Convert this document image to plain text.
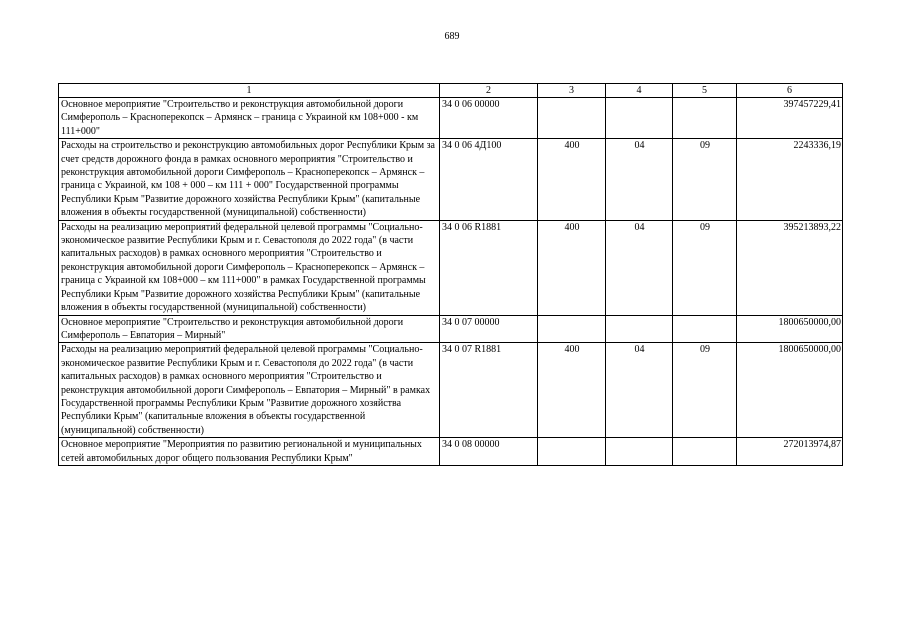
689
1	2	3	4	5	6
Основное мероприятие "Строительство и реконструкция автомобильной дороги Симферополь – Красноперекопск – Армянск – граница с Украиной км 108+000 - км 111+000"	34 0 06 00000				397457229,41
Расходы на строительство и реконструкцию автомобильных дорог Республики Крым за счет средств дорожного фонда в рамках основного мероприятия "Строительство и реконструкция автомобильной дороги Симферополь – Красноперекопск – Армянск – граница с Украиной, км 108 + 000 – км 111 + 000" Государственной программы Республики Крым "Развитие дорожного хозяйства Республики Крым" (капитальные вложения в объекты государственной (муниципальной) собственности)	34 0 06 4Д100	400	04	09	2243336,19
Расходы на реализацию мероприятий федеральной целевой программы "Социально-экономическое развитие Республики Крым и г. Севастополя до 2022 года" (в части капитальных расходов) в рамках основного мероприятия "Строительство и реконструкция автомобильной дороги Симферополь – Красноперекопск – Армянск – граница с Украиной км 108+000 – км 111+000" в рамках Государственной программы Республики Крым "Развитие дорожного хозяйства Республики Крым" (капитальные вложения в объекты государственной (муниципальной) собственности)	34 0 06 R1881	400	04	09	395213893,22
Основное мероприятие "Строительство и реконструкция автомобильной дороги Симферополь – Евпатория – Мирный"	34 0 07 00000				1800650000,00
Расходы на реализацию мероприятий федеральной целевой программы "Социально-экономическое развитие Республики Крым и г. Севастополя до 2022 года" (в части капитальных расходов) в рамках основного мероприятия "Строительство и реконструкция автомобильной дороги Симферополь – Евпатория – Мирный" в рамках Государственной программы Республики Крым "Развитие дорожного хозяйства Республики Крым" (капитальные вложения в объекты государственной (муниципальной) собственности)	34 0 07 R1881	400	04	09	1800650000,00
Основное мероприятие "Мероприятия по развитию региональной и муниципальных сетей автомобильных дорог общего пользования Республики Крым"	34 0 08 00000				272013974,87
